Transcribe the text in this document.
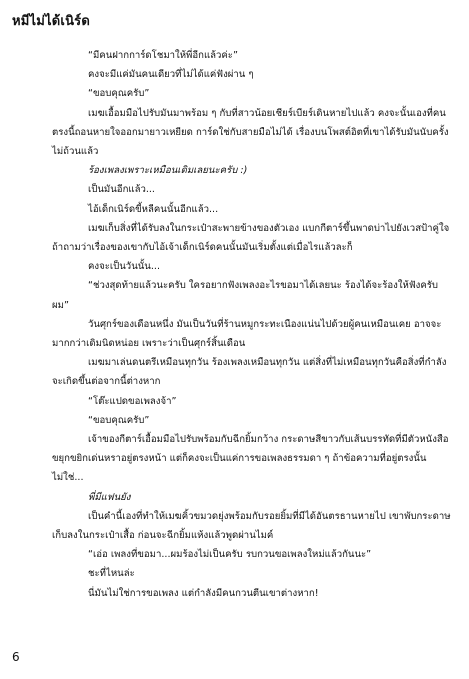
หมีไม่ได้เนิร์ด

“มีคนฝากการ์ดโชมาให้พี่อีกแล้วค่ะ”

คงจะมีแค่มันคนเดียวที่ไม่ได้แค่ฟังผ่าน ๆ

“ขอบคุณครับ”

เมฆเอื้อมมือไปรับมันมาพร้อม ๆ กับที่สาวน้อยเชียร์เบียร์เดินหายไปแล้ว คงจะนั้นเองที่คนตรงนี้ถอนหายใจออกมายาวเหยียด การ์ดใช่กับสายมือไม่ได้ เรื่องบนโพสต์อิตที่เขาได้รับมันนับครั้งไม่ถ้วนแล้ว

ร้องเพลงเพราะเหมือนเดิมเลยนะครับ :)

เป็นมันอีกแล้ว...

ไอ้เด็กเนิร์ดขี้หลีคนนั้นอีกแล้ว...

เมฆเก็บสิ่งที่ได้รับลงในกระเป๋าสะพายข้างของตัวเอง แบกกีตาร์ขึ้นพาดบ่าไปยังเวสป้าคู่ใจ ถ้าถามว่าเรื่องของเขากับไอ้เจ้าเด็กเนิร์ดคนนั้นมันเริ่มตั้งแต่เมื่อไรแล้วละก็

คงจะเป็นวันนั้น...

“ช่วงสุดท้ายแล้วนะครับ ใครอยากฟังเพลงอะไรขอมาได้เลยนะ ร้องได้จะร้องให้ฟังครับผม”

วันศุกร์ของเดือนหนึ่ง มันเป็นวันที่ร้านหมูกระทะเนืองแน่นไปด้วยผู้คนเหมือนเคย อาจจะมากกว่าเดิมนิดหน่อย เพราะว่าเป็นศุกร์สิ้นเดือน

เมฆมาเล่นดนตรีเหมือนทุกวัน ร้องเพลงเหมือนทุกวัน แต่สิ่งที่ไม่เหมือนทุกวันคือสิ่งที่กำลังจะเกิดขึ้นต่อจากนี้ต่างหาก

“โต๊ะแปดขอเพลงจ้า”

“ขอบคุณครับ”

เจ้าของกีตาร์เอื้อมมือไปรับพร้อมกับฉีกยิ้มกว้าง กระดาษสีขาวกับเส้นบรรทัดที่มีตัวหนังสือขยุกขยิกเด่นหราอยู่ตรงหน้า แต่ก็คงจะเป็นแค่การขอเพลงธรรมดา ๆ ถ้าข้อความที่อยู่ตรงนั้นไม่ใช่...

พี่มีแฟนยัง

เป็นคำนี้เองที่ทำให้เมฆคิ้วขมวดยุ่งพร้อมกับรอยยิ้มที่มีได้อันตรธานหายไป เขาพับกระดาษเก็บลงในกระเป๋าเสื้อ ก่อนจะฉีกยิ้มแห้งแล้วพูดผ่านไมค์

“เอ่อ เพลงที่ขอมา...ผมร้องไม่เป็นครับ รบกวนขอเพลงใหม่แล้วกันนะ”

ชะที่ไหนล่ะ

นี่มันไม่ใช่การขอเพลง แต่กำลังมีคนกวนตีนเขาต่างหาก!

6
